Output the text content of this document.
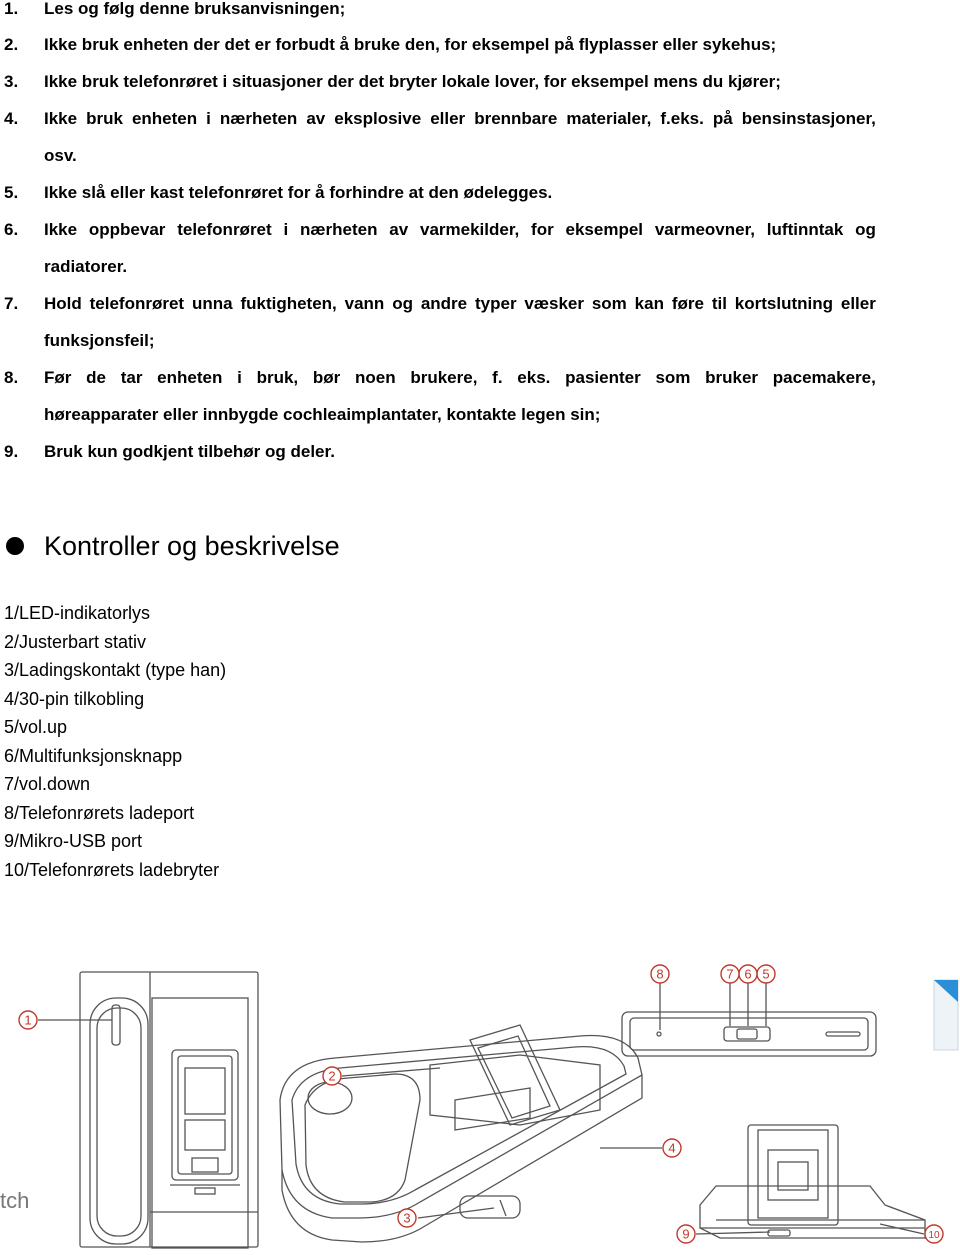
1. Les og følg denne bruksanvisningen;
2. Ikke bruk enheten der det er forbudt å bruke den, for eksempel på flyplasser eller sykehus;
3. Ikke bruk telefonrøret i situasjoner der det bryter lokale lover, for eksempel mens du kjører;
4. Ikke bruk enheten i nærheten av eksplosive eller brennbare materialer, f.eks. på bensinstasjoner,
osv.
5. Ikke slå eller kast telefonrøret for å forhindre at den ødelegges.
6. Ikke oppbevar telefonrøret i nærheten av varmekilder, for eksempel varmeovner, luftinntak og
radiatorer.
7. Hold telefonrøret unna fuktigheten, vann og andre typer væsker som kan føre til kortslutning eller
funksjonsfeil;
8. Før de tar enheten i bruk, bør noen brukere, f. eks. pasienter som bruker pacemakere,
høreapparater eller innbygde cochleaimplantater, kontakte legen sin;
9. Bruk kun godkjent tilbehør og deler.
Kontroller og beskrivelse
1/LED-indikatorlys
2/Justerbart stativ
3/Ladingskontakt (type han)
4/30-pin tilkobling
5/vol.up
6/Multifunksjonsknapp
7/vol.down
8/Telefonrørets ladeport
9/Mikro-USB port
10/Telefonrørets ladebryter
1
2
3
4
5
6
7
8
9	10
tch
